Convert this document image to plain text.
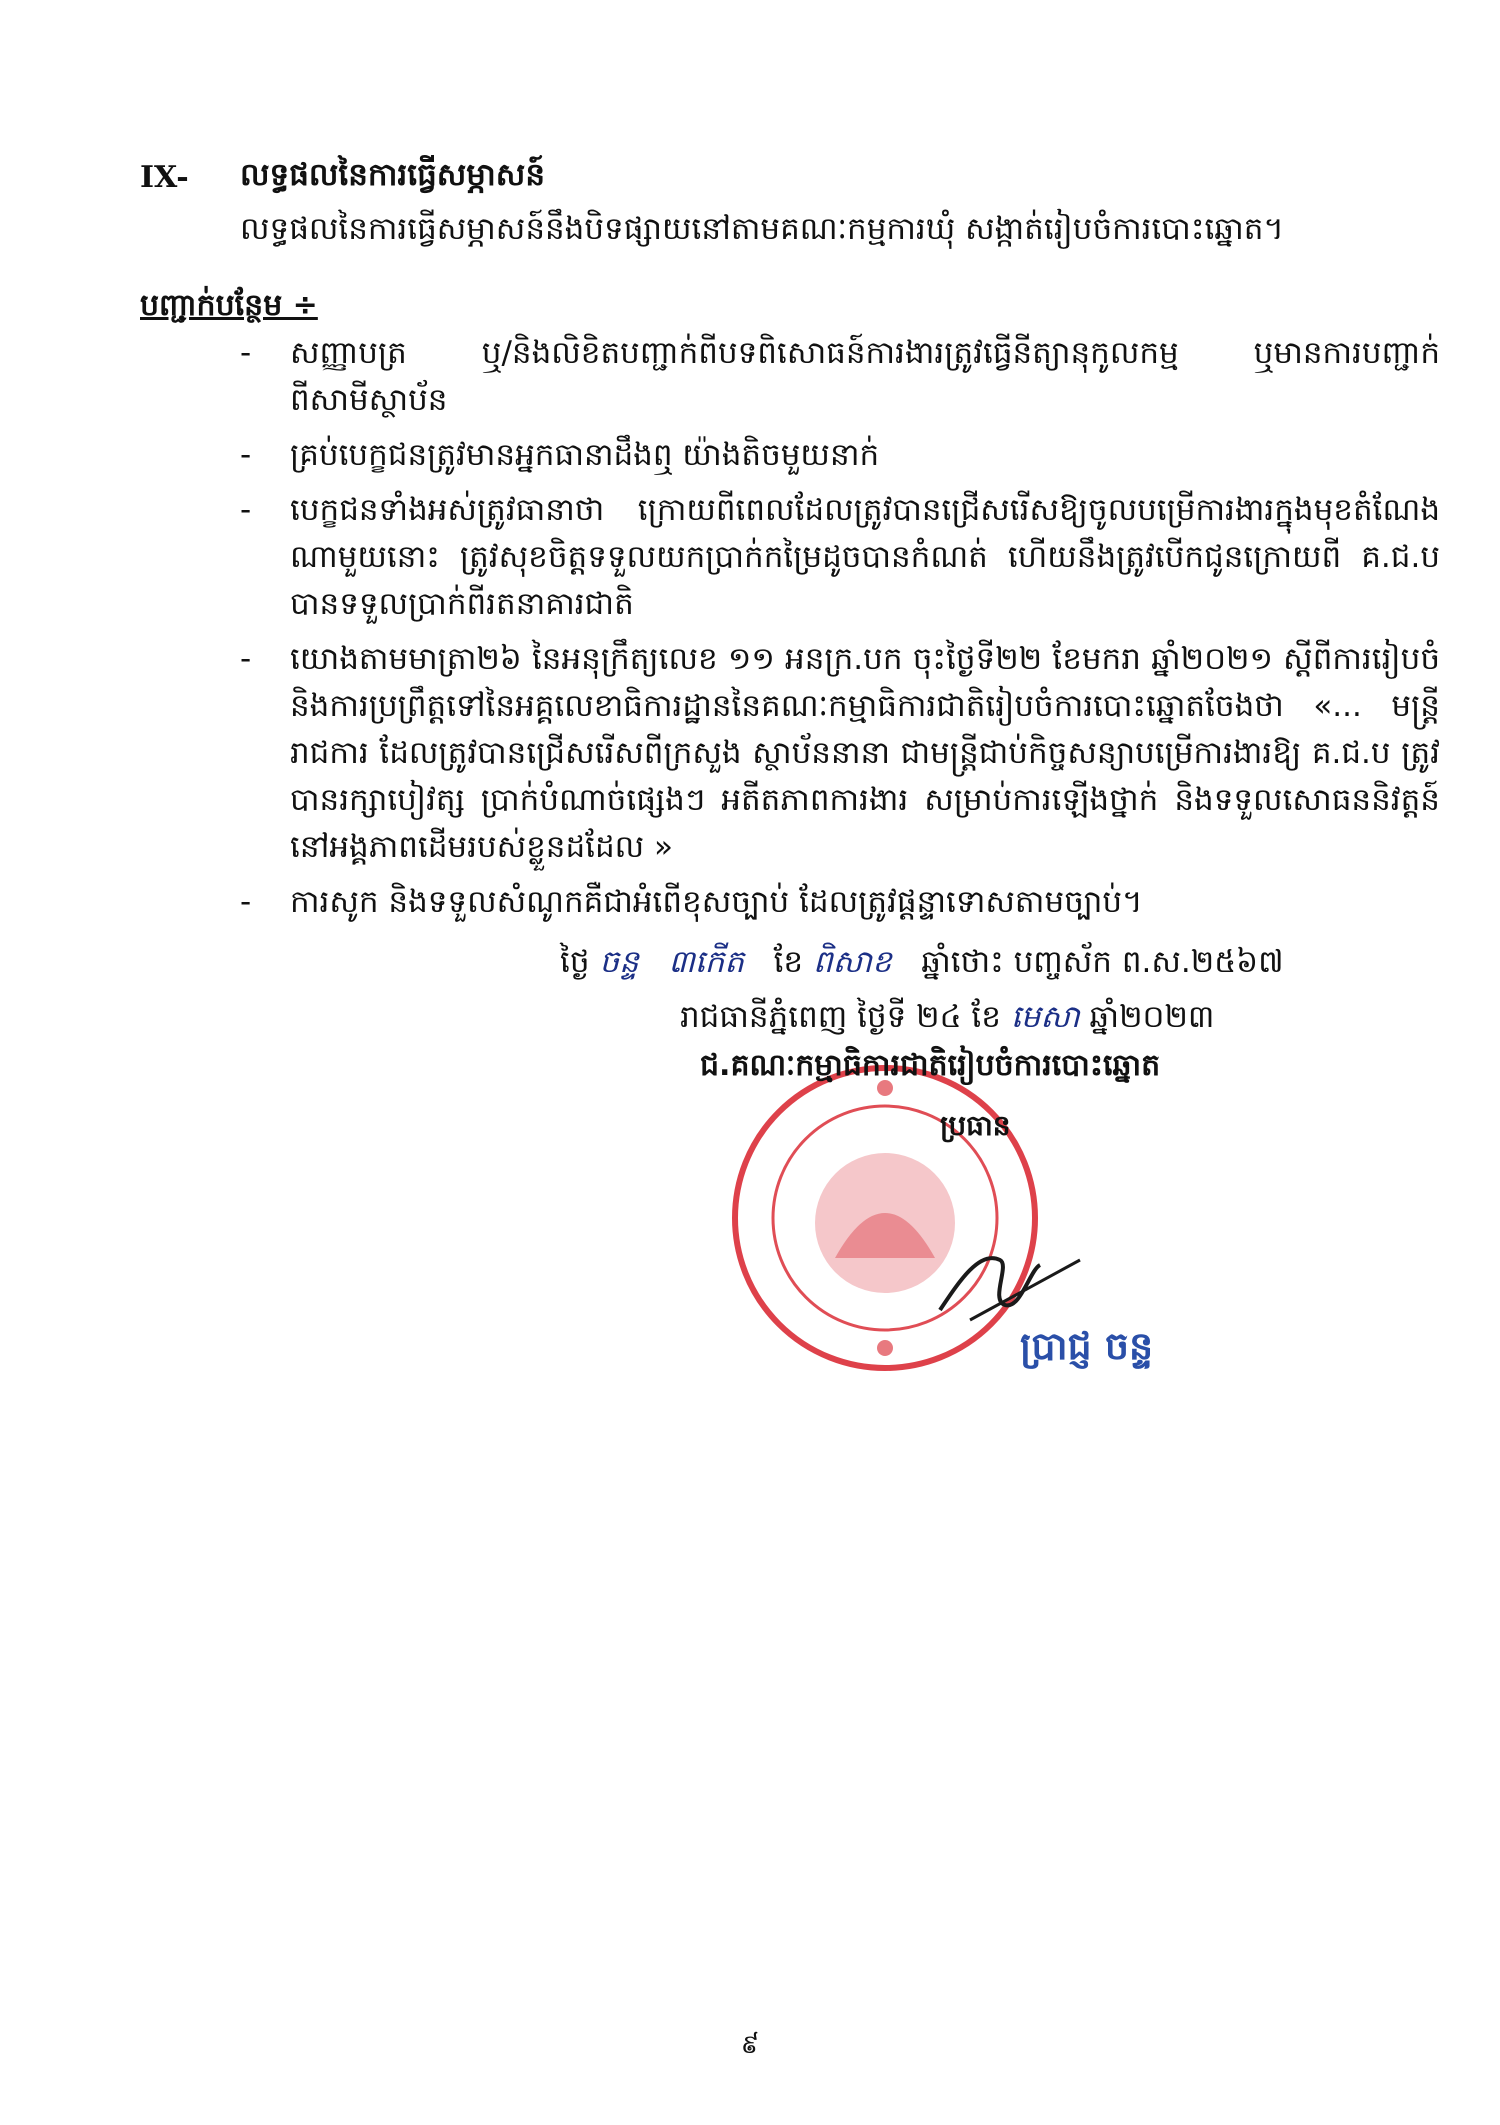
IX- លទ្ធផលនៃការធ្វើសម្ភាសន៍
លទ្ធផលនៃការធ្វើសម្ភាសន៍នឹងបិទផ្សាយនៅតាមគណៈកម្មការឃុំ សង្កាត់រៀបចំការបោះឆ្នោត។
បញ្ជាក់បន្ថែម ÷
- សញ្ញាបត្រ ឬ/និងលិខិតបញ្ជាក់ពីបទពិសោធន៍ការងារត្រូវធ្វើនីត្យានុកូលកម្ម ឬមានការបញ្ជាក់ពីសាមីស្ថាប័ន
- គ្រប់បេក្ខជនត្រូវមានអ្នកធានាដឹងឮ យ៉ាងតិចមួយនាក់
- បេក្ខជនទាំងអស់ត្រូវធានាថា ក្រោយពីពេលដែលត្រូវបានជ្រើសរើសឱ្យចូលបម្រើការងារក្នុងមុខតំណែងណាមួយនោះ ត្រូវសុខចិត្តទទួលយកប្រាក់កម្រៃដូចបានកំណត់ ហើយនឹងត្រូវបើកជូនក្រោយពី គ.ជ.ប បានទទួលប្រាក់ពីរតនាគារជាតិ
- យោងតាមមាត្រា២៦ នៃអនុក្រឹត្យលេខ ១១ អនក្រ.បក ចុះថ្ងៃទី២២ ខែមករា ឆ្នាំ២០២១ ស្តីពីការរៀបចំ និងការប្រព្រឹត្តទៅនៃអគ្គលេខាធិការដ្ឋាននៃគណៈកម្មាធិការជាតិរៀបចំការបោះឆ្នោតចែងថា «... មន្ត្រីរាជការ ដែលត្រូវបានជ្រើសរើសពីក្រសួង ស្ថាប័ននានា ជាមន្ត្រីជាប់កិច្ចសន្យាបម្រើការងារឱ្យ គ.ជ.ប ត្រូវបានរក្សាបៀវត្ស ប្រាក់បំណាច់ផ្សេងៗ អតីតភាពការងារ សម្រាប់ការឡើងថ្នាក់ និងទទួលសោធននិវត្តន៍នៅអង្គភាពដើមរបស់ខ្លួនដដែល »
- ការសូក និងទទួលសំណូកគឺជាអំពើខុសច្បាប់ ដែលត្រូវផ្តន្ទាទោសតាមច្បាប់។
ថ្ងៃ ចន្ទ ៣កើត ខែ ពិសាខ ឆ្នាំថោះ បញ្ចស័ក ព.ស.២៥៦៧
រាជធានីភ្នំពេញ ថ្ងៃទី ២៤ ខែ មេសា ឆ្នាំ២០២៣
ជ.គណៈកម្មាធិការជាតិរៀបចំការបោះឆ្នោត
ប្រធាន
ប្រាជ្ញ ចន្ទ
៩
